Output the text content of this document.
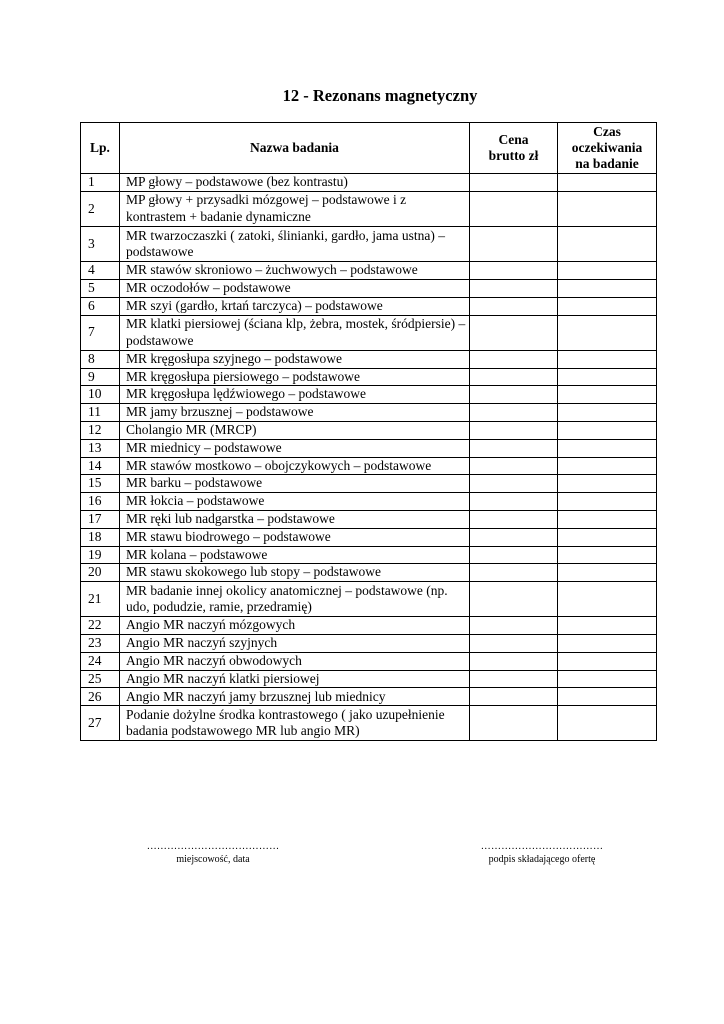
12 - Rezonans magnetyczny
Lp.	Nazwa badania	Cena brutto zł	Czas oczekiwania na badanie
1	MP głowy – podstawowe (bez kontrastu)		
2	MP głowy + przysadki mózgowej – podstawowe i z kontrastem + badanie dynamiczne		
3	MR twarzoczaszki ( zatoki, ślinianki, gardło, jama ustna) – podstawowe		
4	MR stawów skroniowo – żuchwowych – podstawowe		
5	MR oczodołów – podstawowe		
6	MR szyi (gardło, krtań tarczyca) – podstawowe		
7	MR klatki piersiowej (ściana klp, żebra, mostek, śródpiersie) – podstawowe		
8	MR kręgosłupa szyjnego – podstawowe		
9	MR kręgosłupa piersiowego – podstawowe		
10	MR kręgosłupa lędźwiowego – podstawowe		
11	MR jamy brzusznej – podstawowe		
12	Cholangio MR (MRCP)		
13	MR miednicy – podstawowe		
14	MR stawów mostkowo – obojczykowych – podstawowe		
15	MR barku – podstawowe		
16	MR łokcia – podstawowe		
17	MR ręki lub nadgarstka – podstawowe		
18	MR stawu biodrowego – podstawowe		
19	MR kolana – podstawowe		
20	MR stawu skokowego lub stopy – podstawowe		
21	MR badanie innej okolicy anatomicznej – podstawowe (np. udo, podudzie, ramie, przedramię)		
22	Angio MR naczyń mózgowych		
23	Angio MR naczyń szyjnych		
24	Angio MR naczyń obwodowych		
25	Angio MR naczyń klatki piersiowej		
26	Angio MR naczyń jamy brzusznej lub miednicy		
27	Podanie dożylne środka kontrastowego ( jako uzupełnienie badania podstawowego MR lub angio MR)		
…………………………………
miejscowość, data
………………………………
podpis składającego ofertę
